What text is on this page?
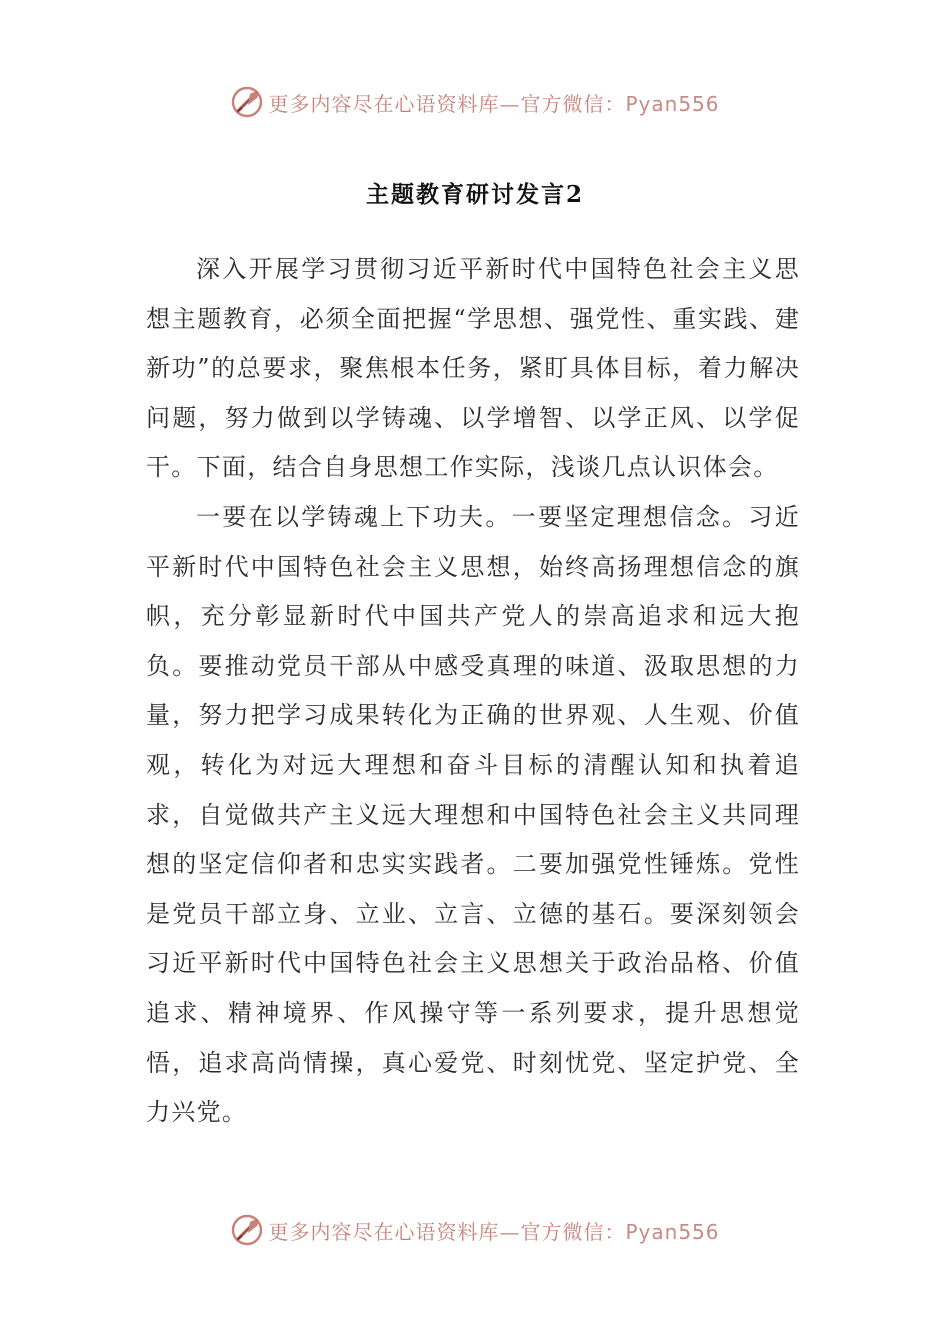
更多内容尽在心语资料库—官方微信：Pyan556
主题教育研讨发言2

深入开展学习贯彻习近平新时代中国特色社会主义思想主题教育，必须全面把握“学思想、强党性、重实践、建新功”的总要求，聚焦根本任务，紧盯具体目标，着力解决问题，努力做到以学铸魂、以学增智、以学正风、以学促干。下面，结合自身思想工作实际，浅谈几点认识体会。

一要在以学铸魂上下功夫。一要坚定理想信念。习近平新时代中国特色社会主义思想，始终高扬理想信念的旗帜，充分彰显新时代中国共产党人的崇高追求和远大抱负。要推动党员干部从中感受真理的味道、汲取思想的力量，努力把学习成果转化为正确的世界观、人生观、价值观，转化为对远大理想和奋斗目标的清醒认知和执着追求，自觉做共产主义远大理想和中国特色社会主义共同理想的坚定信仰者和忠实实践者。二要加强党性锤炼。党性是党员干部立身、立业、立言、立德的基石。要深刻领会习近平新时代中国特色社会主义思想关于政治品格、价值追求、精神境界、作风操守等一系列要求，提升思想觉悟，追求高尚情操，真心爱党、时刻忧党、坚定护党、全力兴党。

更多内容尽在心语资料库—官方微信：Pyan556
